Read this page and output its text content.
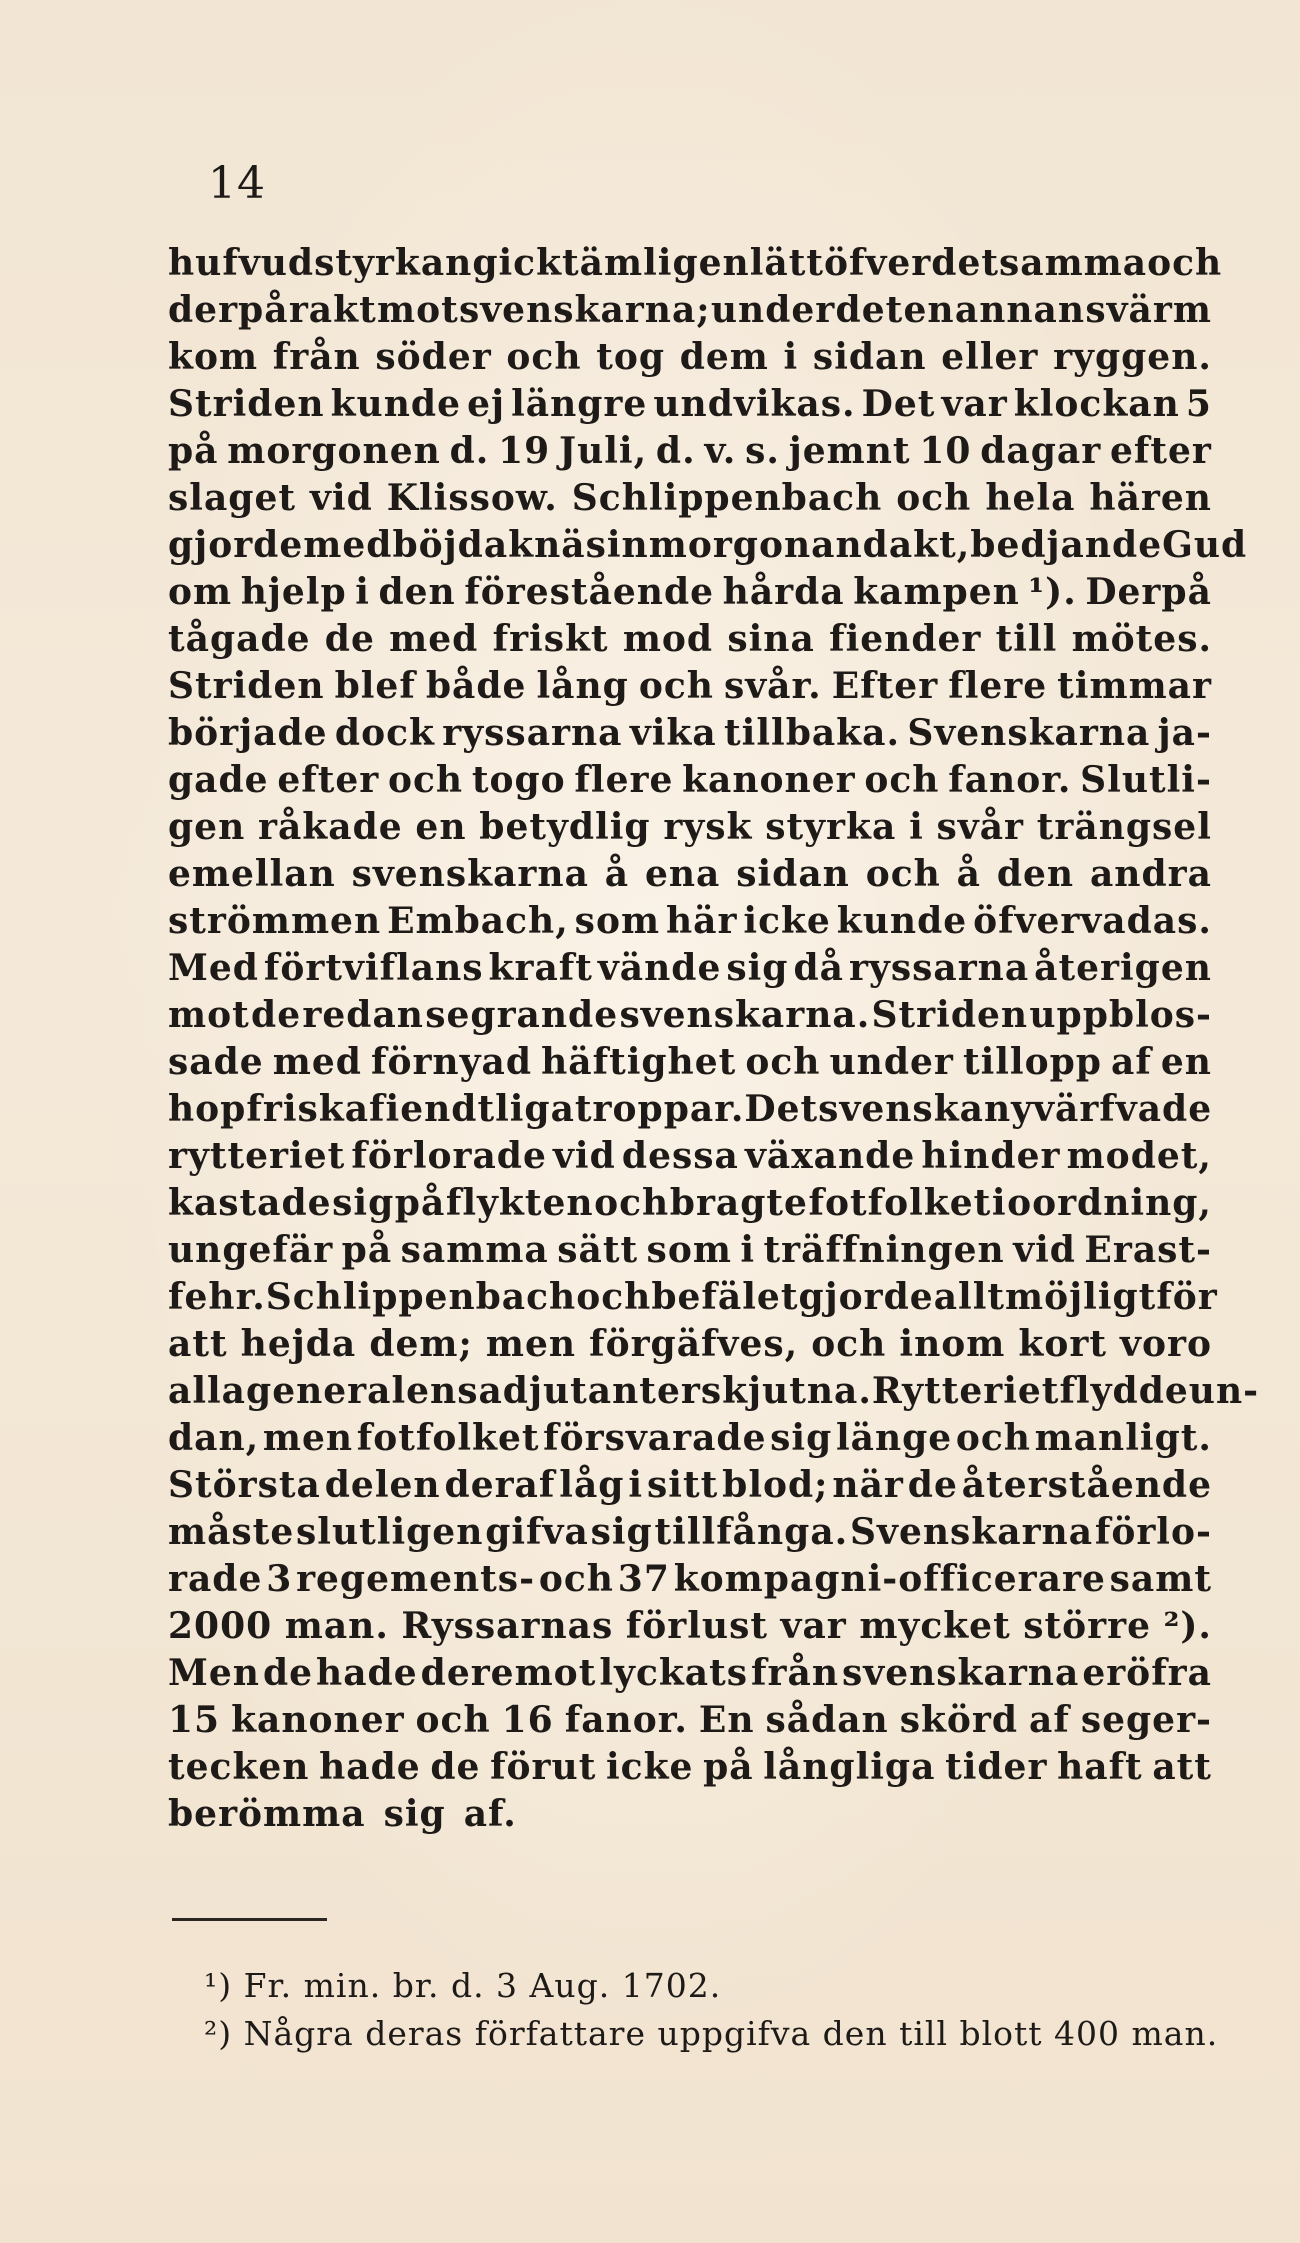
14
hufvudstyrkan gick tämligen lätt öfver detsamma och
derpå rakt mot svenskarna; under det en annan svärm
kom från söder och tog dem i sidan eller ryggen.
Striden kunde ej längre undvikas. Det var klockan 5
på morgonen d. 19 Juli, d. v. s. jemnt 10 dagar efter
slaget vid Klissow. Schlippenbach och hela hären
gjorde med böjda knä sin morgonandakt, bedjande Gud
om hjelp i den förestående hårda kampen ¹). Derpå
tågade de med friskt mod sina fiender till mötes.
Striden blef både lång och svår. Efter flere timmar
började dock ryssarna vika tillbaka. Svenskarna ja-
gade efter och togo flere kanoner och fanor. Slutli-
gen råkade en betydlig rysk styrka i svår trängsel
emellan svenskarna å ena sidan och å den andra
strömmen Embach, som här icke kunde öfvervadas.
Med förtviflans kraft vände sig då ryssarna återigen
mot de redan segrande svenskarna. Striden uppblos-
sade med förnyad häftighet och under tillopp af en
hop friska fiendtliga troppar. Det svenska nyvärfvade
rytteriet förlorade vid dessa växande hinder modet,
kastade sig på flykten och bragte fotfolket i oordning,
ungefär på samma sätt som i träffningen vid Erast-
fehr. Schlippenbach och befälet gjorde allt möjligt för
att hejda dem; men förgäfves, och inom kort voro
alla generalens adjutanter skjutna. Rytteriet flydde un-
dan, men fotfolket försvarade sig länge och manligt.
Största delen deraf låg i sitt blod; när de återstående
måste slutligen gifva sig tillfånga. Svenskarna förlo-
rade 3 regements- och 37 kompagni-officerare samt
2000 man. Ryssarnas förlust var mycket större ²).
Men de hade deremot lyckats från svenskarna eröfra
15 kanoner och 16 fanor. En sådan skörd af seger-
tecken hade de förut icke på långliga tider haft att
berömma sig af.
¹) Fr. min. br. d. 3 Aug. 1702.
²) Några deras författare uppgifva den till blott 400 man.
